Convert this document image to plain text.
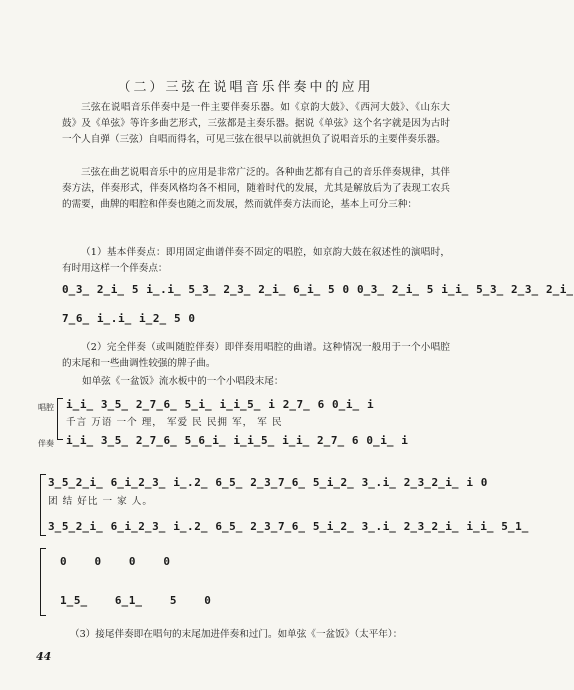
（二）三弦在说唱音乐伴奏中的应用
三弦在说唱音乐伴奏中是一件主要伴奏乐器。如《京韵大鼓》、《西河大鼓》、《山东大鼓》及《单弦》等许多曲艺形式，三弦都是主奏乐器。据说《单弦》这个名字就是因为古时一个人自弹（三弦）自唱而得名，可见三弦在很早以前就担负了说唱音乐的主要伴奏乐器。
三弦在曲艺说唱音乐中的应用是非常广泛的。各种曲艺都有自己的音乐伴奏规律，其伴奏方法，伴奏形式，伴奏风格均各不相同，随着时代的发展，尤其是解放后为了表现工农兵的需要，曲牌的唱腔和伴奏也随之而发展，然而就伴奏方法而论，基本上可分三种：
（1）基本伴奏点：即用固定曲谱伴奏不固定的唱腔，如京韵大鼓在叙述性的演唱时，有时用这样一个伴奏点：
0̲3̲ 2̲i̲ 5 i̲.i̲ 5̲3̲ 2̲3̲ 2̲i̲ 6̲i̲ 5 0 0̲3̲ 2̲i̲ 5 i̲i̲ 5̲3̲ 2̲3̲ 2̲i̲
7̲6̲ i̲.i̲ i̲2̲ 5 0
（2）完全伴奏（或叫随腔伴奏）即伴奏用唱腔的曲谱。这种情况一般用于一个小唱腔的末尾和一些曲调性较强的牌子曲。
如单弦《一盆饭》流水板中的一个小唱段末尾：
唱腔
伴奏
i̲i̲ 3̲5̲ 2̲7̲6̲ 5̲i̲ i̲i̲5̲ i 2̲7̲ 6 0̲i̲ i
千言 万语 一个 理， 军爱 民 民拥 军， 军 民
i̲i̲ 3̲5̲ 2̲7̲6̲ 5̲6̲i̲ i̲i̲5̲ i̲i̲ 2̲7̲ 6 0̲i̲ i
3̲5̲2̲i̲ 6̲i̲2̲3̲ i̲.2̲ 6̲5̲ 2̲3̲7̲6̲ 5̲i̲2̲ 3̲.i̲ 2̲3̲2̲i̲ i 0
团 结 好比 一 家 人。
3̲5̲2̲i̲ 6̲i̲2̲3̲ i̲.2̲ 6̲5̲ 2̲3̲7̲6̲ 5̲i̲2̲ 3̲.i̲ 2̲3̲2̲i̲ i̲i̲ 5̲1̲
0 0 0 0
1̲5̲ 6̲1̲ 5 0
（3）接尾伴奏即在唱句的末尾加进伴奏和过门。如单弦《一盆饭》（太平年）：
44
